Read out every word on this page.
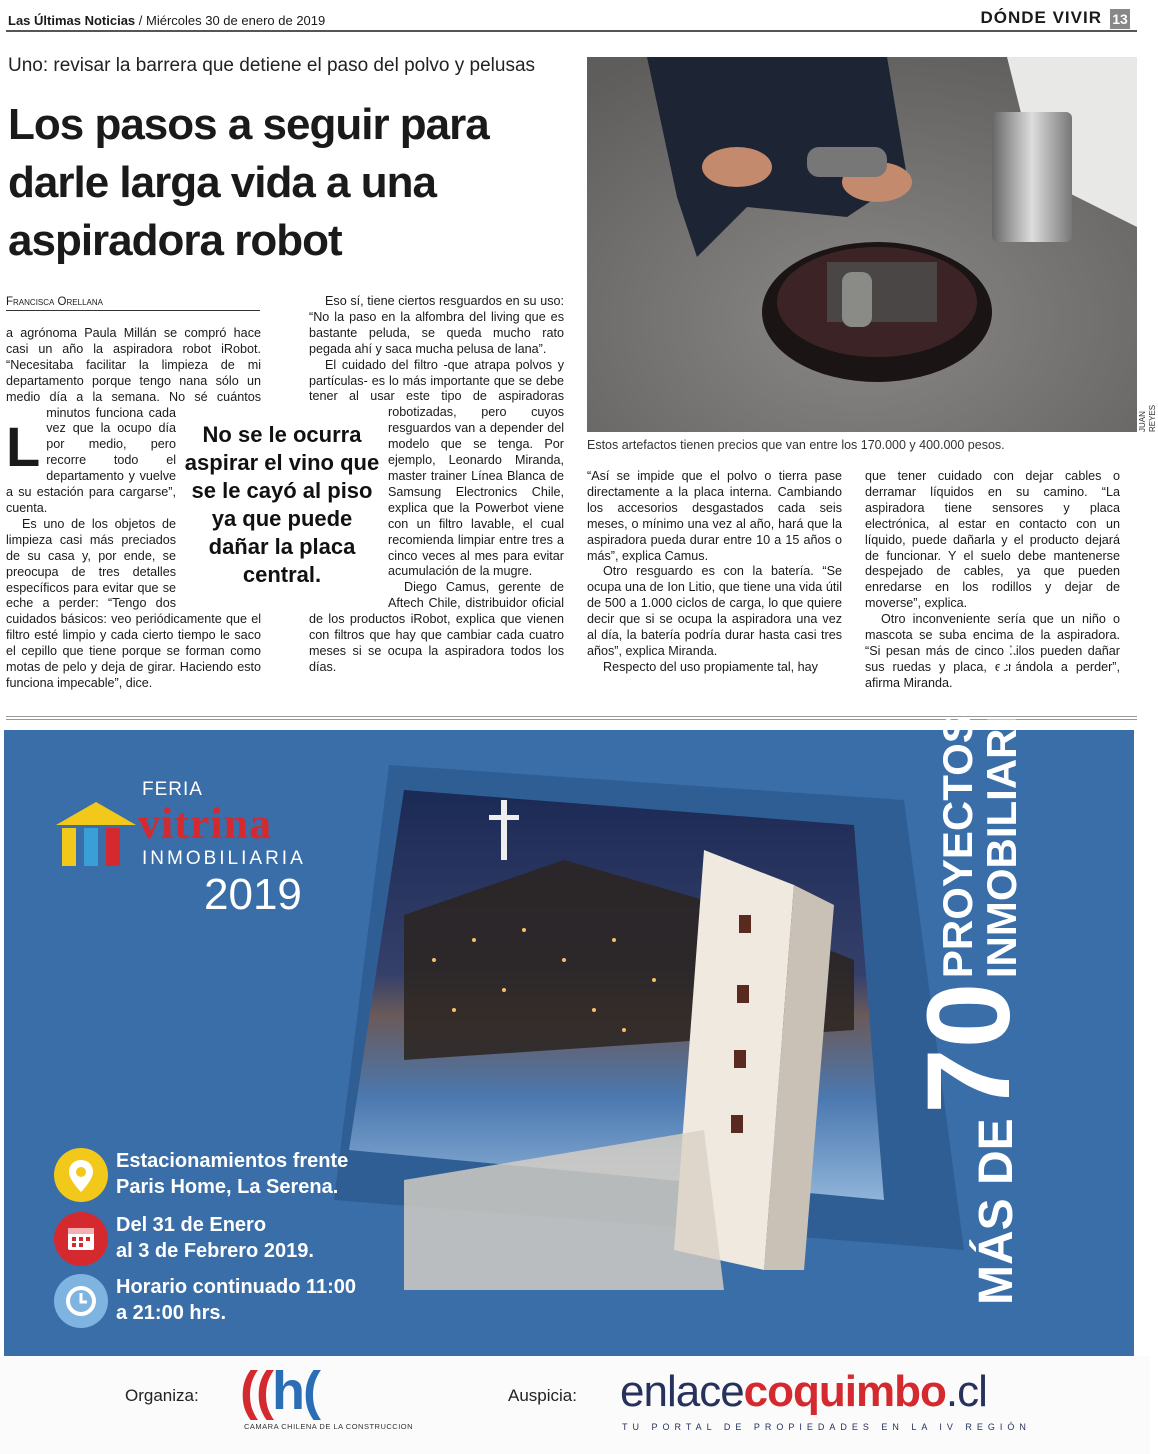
Las Últimas Noticias / Miércoles 30 de enero de 2019	DÓNDE VIVIR 13
Uno: revisar la barrera que detiene el paso del polvo y pelusas
Los pasos a seguir para darle larga vida a una aspiradora robot
Francisca Orellana
L

a agrónoma Paula Millán se compró hace casi un año la aspiradora robot iRobot. “Necesitaba facilitar la limpieza de mi departamento porque tengo nana sólo un medio día a la semana. No sé cuántos minutos funciona cada vez que la ocupo día por medio, pero recorre todo el departamento y vuelve a su estación para cargarse”, cuenta.

Es uno de los objetos de limpieza casi más preciados de su casa y, por ende, se preocupa de tres detalles específicos para evitar que se eche a perder: “Tengo dos cuidados básicos: veo periódicamente que el filtro esté limpio y cada cierto tiempo le saco el cepillo que tiene porque se forman como motas de pelo y deja de girar. Haciendo esto funciona impecable”, dice.

Eso sí, tiene ciertos resguardos en su uso: “No la paso en la alfombra del living que es bastante peluda, se queda mucho rato pegada ahí y saca mucha pelusa de lana”.

El cuidado del filtro -que atrapa polvos y partículas- es lo más importante que se debe tener al usar este tipo de aspiradoras robotizadas, pero cuyos resguardos van a depender del modelo que se tenga. Por ejemplo, Leonardo Miranda, master trainer Línea Blanca de Samsung Electronics Chile, explica que la Powerbot viene con un filtro lavable, el cual recomienda limpiar entre tres a cinco veces al mes para evitar acumulación de la mugre.

Diego Camus, gerente de Aftech Chile, distribuidor oficial de los productos iRobot, explica que vienen con filtros que hay que cambiar cada cuatro meses si se ocupa la aspiradora todos los días.

No se le ocurra aspirar el vino que se le cayó al piso ya que puede dañar la placa central.
Estos artefactos tienen precios que van entre los 170.000 y 400.000 pesos.
JUAN REYES

“Así se impide que el polvo o tierra pase directamente a la placa interna. Cambiando los accesorios desgastados cada seis meses, o mínimo una vez al año, hará que la aspiradora pueda durar entre 10 a 15 años o más”, explica Camus.

Otro resguardo es con la batería. “Se ocupa una de Ion Litio, que tiene una vida útil de 500 a 1.000 ciclos de carga, lo que quiere decir que si se ocupa la aspiradora una vez al día, la batería podría durar hasta casi tres años”, explica Miranda.

Respecto del uso propiamente tal, hay

que tener cuidado con dejar cables o derramar líquidos en su camino. “La aspiradora tiene sensores y placa electrónica, al estar en contacto con un líquido, puede dañarla y el producto dejará de funcionar. Y el suelo debe mantenerse despejado de cables, ya que pueden enredarse en los rodillos y dejar de moverse”, explica.

Otro inconveniente sería que un niño o mascota se suba encima de la aspiradora. “Si pesan más de cinco kilos pueden dañar sus ruedas y placa, echándola a perder”, afirma Miranda.

FERIA
vitrina
INMOBILIARIA
2019
Estacionamientos frente
Paris Home, La Serena.
Del 31 de Enero
al 3 de Febrero 2019.
Horario continuado 11:00
a 21:00 hrs.
MÁS DE 70
PROYECTOS
INMOBILIARIOS.
Organiza: ((h(
CAMARA CHILENA DE LA CONSTRUCCION
Auspicia: enlacecoquimbo.cl
TU PORTAL DE PROPIEDADES EN LA IV REGIÓN
